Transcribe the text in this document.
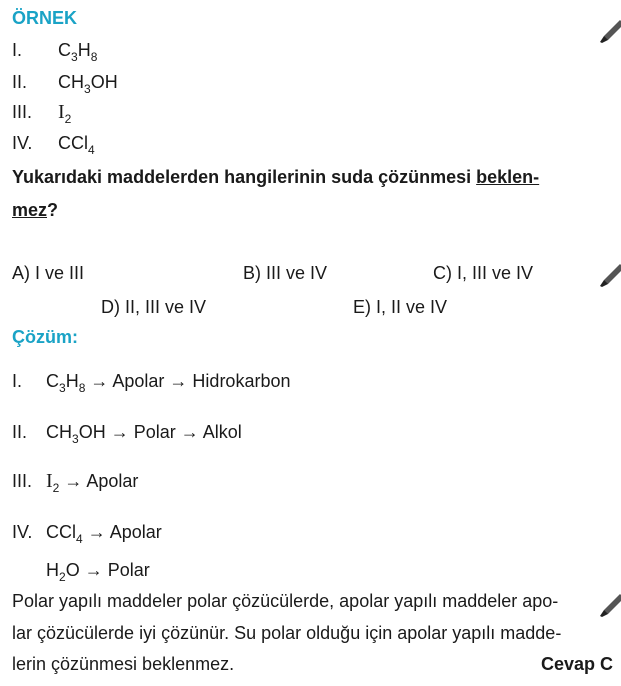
ÖRNEK
I. $C_3H_8$
II. $CH_3OH$
III. $I_2$
IV. CCl$_4$
Yukarıdaki maddelerden hangilerinin suda çözünmesi beklen-
mez?
A) I ve III	B) III ve IV	C) I, III ve IV
D) II, III ve IV	E) I, II ve IV
Çözüm:
I. $C_3H_8$ → Apolar → Hidrokarbon
II. $CH_3OH$ → Polar → Alkol
III. $I_2$ → Apolar
IV. CCl$_4$ → Apolar
$H_2O$ → Polar
Polar yapılı maddeler polar çözücülerde, apolar yapılı maddeler apo-
lar çözücülerde iyi çözünür. Su polar olduğu için apolar yapılı madde-
lerin çözünmesi beklenmez.	Cevap C
